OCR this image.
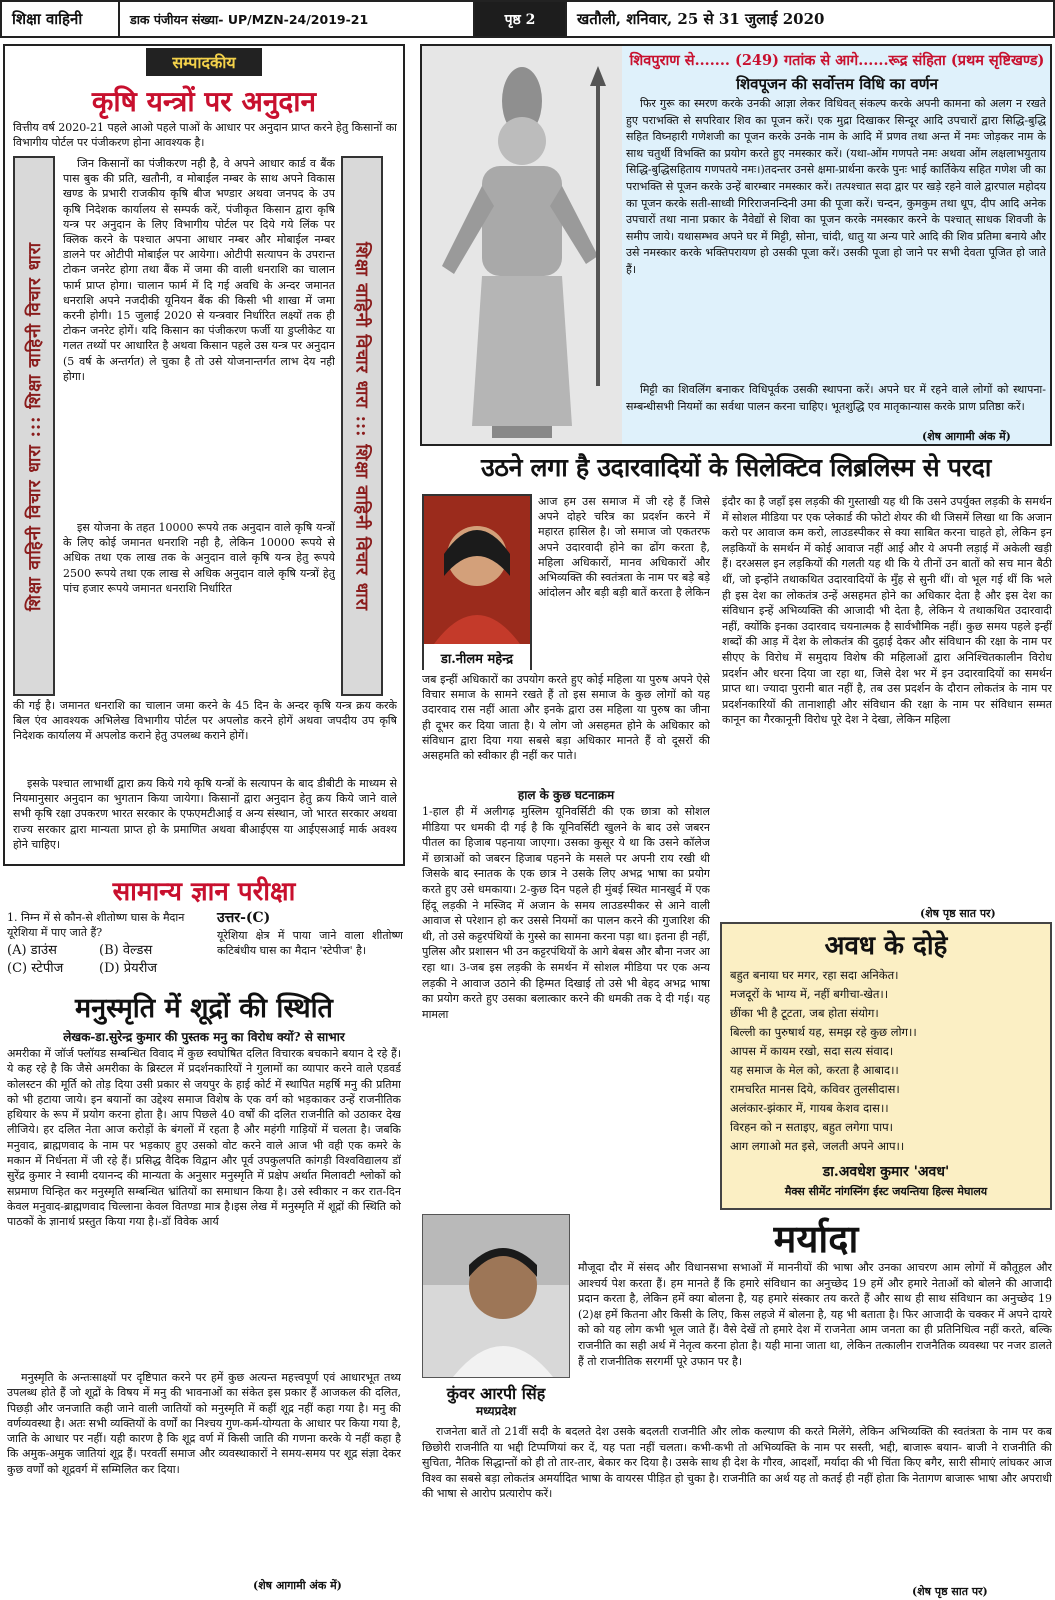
शिक्षा वाहिनी	डाक पंजीयन संख्या- UP/MZN-24/2019-21	पृष्ठ 2	खतौली, शनिवार, 25 से 31 जुलाई 2020
सम्पादकीय
कृषि यन्त्रों पर अनुदान
वित्तीय वर्ष 2020-21 पहले आओ पहले पाओं के आधार पर अनुदान प्राप्त करने हेतु किसानों का विभागीय पोर्टल पर पंजीकरण होना आवश्यक है।
शिक्षा वाहिनी विचार धारा ::: शिक्षा वाहिनी विचार धारा	शिक्षा वाहिनी विचार धारा ::: शिक्षा वाहिनी विचार धारा

जिन किसानों का पंजीकरण नही है, वे अपने आधार कार्ड व बैंक पास बुक की प्रति, खतौनी, व मोबाईल नम्बर के साथ अपने विकास खण्ड के प्रभारी राजकीय कृषि बीज भण्डार अथवा जनपद के उप कृषि निदेशक कार्यालय से सम्पर्क करें, पंजीकृत किसान द्वारा कृषि यन्त्र पर अनुदान के लिए विभागीय पोर्टल पर दिये गये लिंक पर क्लिक करने के पश्चात अपना आधार नम्बर और मोबाईल नम्बर डालने पर ओटीपी मोबाईल पर आयेगा। ओटीपी सत्यापन के उपरान्त टोकन जनरेट होगा तथा बैंक में जमा की वाली धनराशि का चालान फार्म प्राप्त होगा। चालान फार्म में दि गई अवधि के अन्दर जमानत धनराशि अपने नजदीकी यूनियन बैंक की किसी भी शाखा में जमा करनी होगी। 15 जुलाई 2020 से यन्त्रवार निर्धारित लक्ष्यों तक ही टोकन जनरेट होगें। यदि किसान का पंजीकरण फर्जी या डुप्लीकेट या गलत तथ्यों पर आधारित है अथवा किसान पहले उस यन्त्र पर अनुदान (5 वर्ष के अन्तर्गत) ले चुका है तो उसे योजनान्तर्गत लाभ देय नही होगा।

इस योजना के तहत 10000 रूपये तक अनुदान वाले कृषि यन्त्रों के लिए कोई जमानत धनराशि नही है, लेकिन 10000 रूपये से अधिक तथा एक लाख तक के अनुदान वाले कृषि यन्त्र हेतु रूपये 2500 रूपये तथा एक लाख से अधिक अनुदान वाले कृषि यन्त्रों हेतु पांच हजार रूपये जमानत धनराशि निर्धारित

की गई है। जमानत धनराशि का चालान जमा करने के 45 दिन के अन्दर कृषि यन्त्र क्रय करके बिल एंव आवश्यक अभिलेख विभागीय पोर्टल पर अपलोड करने होगें अथवा जपदीय उप कृषि निदेशक कार्यालय में अपलोड कराने हेतु उपलब्ध कराने होगें।

इसके पश्चात लाभार्थी द्वारा क्रय किये गये कृषि यन्त्रों के सत्यापन के बाद डीबीटी के माध्यम से नियमानुसार अनुदान का भुगतान किया जायेगा। किसानों द्वारा अनुदान हेतु क्रय किये जाने वाले सभी कृषि रक्षा उपकरण भारत सरकार के एफएमटीआई व अन्य संस्थान, जो भारत सरकार अथवा राज्य सरकार द्वारा मान्यता प्राप्त हो के प्रमाणित अथवा बीआईएस या आईएसआई मार्क अवश्य होने चाहिए।

सामान्य ज्ञान परीक्षा
1. निम्न में से कौन-से शीतोष्ण घास के मैदान यूरेशिया में पाए जाते हैं?
(A) डाउंस	(B) वेल्डस
(C) स्टेपीज	(D) प्रेयरीज
उत्तर-(C)
यूरेशिया क्षेत्र में पाया जाने वाला शीतोष्ण कटिबंधीय घास का मैदान 'स्टेपीज' है।
मनुस्मृति में शूद्रों की स्थिति
लेखक-डा.सुरेन्द्र कुमार की पुस्तक मनु का विरोध क्यों? से साभार
अमरीका में जॉर्ज फ्लॉयड सम्बन्धित विवाद में कुछ स्वघोषित दलित विचारक बचकाने बयान दे रहे हैं। ये कह रहे है कि जैसे अमरीका के ब्रिस्टल में प्रदर्शनकारियों ने गुलामों का व्यापार करने वाले एडवर्ड कोलस्टन की मूर्ति को तोड़ दिया उसी प्रकार से जयपुर के हाई कोर्ट में स्थापित महर्षि मनु की प्रतिमा को भी हटाया जाये। इन बयानों का उद्देश्य समाज विशेष के एक वर्ग को भड़काकर उन्हें राजनीतिक हथियार के रूप में प्रयोग करना होता है। आप पिछले 40 वर्षों की दलित राजनीति को उठाकर देख लीजिये। हर दलित नेता आज करोड़ों के बंगलों में रहता है और महंगी गाड़ियों में चलता है। जबकि मनुवाद, ब्राह्मणवाद के नाम पर भड़काए हुए उसको वोट करने वाले आज भी वही एक कमरे के मकान में निर्धनता में जी रहे हैं। प्रसिद्ध वैदिक विद्वान और पूर्व उपकुलपति कांगड़ी विश्वविद्यालय डॉ सुरेंद्र कुमार ने स्वामी दयानन्द की मान्यता के अनुसार मनुस्मृति में प्रक्षेप अर्थात मिलावटी श्लोकों को सप्रमाण चिन्हित कर मनुस्मृति सम्बन्धित भ्रांतियों का समाधान किया है। उसे स्वीकार न कर रात-दिन केवल मनुवाद-ब्राह्मणवाद चिल्लाना केवल वितण्डा मात्र है।इस लेख में मनुस्मृति में शूद्रों की स्थिति को पाठकों के ज्ञानार्थ प्रस्तुत किया गया है।-डॉ विवेक आर्य

मनुस्मृति के अन्तःसाक्ष्यों पर दृष्टिपात करने पर हमें कुछ अत्यन्त महत्त्वपूर्ण एवं आधारभूत तथ्य उपलब्ध होते हैं जो शूद्रों के विषय में मनु की भावनाओं का संकेत इस प्रकार हैं आजकल की दलित, पिछड़ी और जनजाति कही जाने वाली जातियों को मनुस्मृति में कहीं शूद्र नहीं कहा गया है। मनु की वर्णव्यवस्था है। अतः सभी व्यक्तियों के वर्णों का निश्चय गुण-कर्म-योग्यता के आधार पर किया गया है, जाति के आधार पर नहीं। यही कारण है कि शूद्र वर्ण में किसी जाति की गणना करके ये नहीं कहा है कि अमुक-अमुक जातियां शूद्र हैं। परवर्ती समाज और व्यवस्थाकारों ने समय-समय पर शूद्र संज्ञा देकर कुछ वर्णों को शूद्रवर्ग में सम्मिलित कर दिया।

(शेष आगामी अंक में)
शिवपुराण से....... (249) गतांक से आगे......रूद्र संहिता (प्रथम सृष्टिखण्ड)
शिवपूजन की सर्वोत्तम विधि का वर्णन

फिर गुरू का स्मरण करके उनकी आज्ञा लेकर विधिवत् संकल्प करके अपनी कामना को अलग न रखते हुए पराभक्ति से सपरिवार शिव का पूजन करें। एक मुद्रा दिखाकर सिन्दूर आदि उपचारों द्वारा सिद्धि-बुद्धि सहित विघ्नहारी गणेशजी का पूजन करके उनके नाम के आदि में प्रणव तथा अन्त में नमः जोड़कर नाम के साथ चतुर्थी विभक्ति का प्रयोग करते हुए नमस्कार करें। (यथा-ओंम गणपते नमः अथवा ओंम लक्षलाभयुताय सिद्धि-बुद्धिसहिताय गणपतये नमः।)तदन्तर उनसे क्षमा-प्रार्थना करके पुनः भाई कार्तिकेय सहित गणेश जी का पराभक्ति से पूजन करके उन्हें बारम्बार नमस्कार करें। तत्पश्चात सदा द्वार पर खड़े रहने वाले द्वारपाल महोदय का पूजन करके सती-साध्वी गिरिराजनन्दिनी उमा की पूजा करें। चन्दन, कुमकुम तथा धूप, दीप आदि अनेक उपचारों तथा नाना प्रकार के नैवेद्यों से शिवा का पूजन करके नमस्कार करने के पश्चात् साधक शिवजी के समीप जाये। यथासम्भव अपने घर में मिट्टी, सोना, चांदी, धातु या अन्य पारे आदि की शिव प्रतिमा बनाये और उसे नमस्कार करके भक्तिपरायण हो उसकी पूजा करें। उसकी पूजा हो जाने पर सभी देवता पूजित हो जाते हैं।

मिट्टी का शिवलिंग बनाकर विधिपूर्वक उसकी स्थापना करें। अपने घर में रहने वाले लोगों को स्थापना-सम्बन्धीसभी नियमों का सर्वथा पालन करना चाहिए। भूतशुद्धि एव मातृकान्यास करके प्राण प्रतिष्ठा करें।

(शेष आगामी अंक में)
उठने लगा है उदारवादियों के सिलेक्टिव लिब्रलिस्म से परदा
डा.नीलम महेन्द्र
आज हम उस समाज में जी रहे हैं जिसे अपने दोहरे चरित्र का प्रदर्शन करने में महारत हासिल है। जो समाज जो एकतरफ अपने उदारवादी होने का ढोंग करता है, महिला अधिकारों, मानव अधिकारों और अभिव्यक्ति की स्वतंत्रता के नाम पर बड़े बड़े आंदोलन और बड़ी बड़ी बातें करता है लेकिन
जब इन्हीं अधिकारों का उपयोग करते हुए कोई महिला या पुरुष अपने ऐसे विचार समाज के सामने रखते हैं तो इस समाज के कुछ लोगों को यह उदारवाद रास नहीं आता और इनके द्वारा उस महिला या पुरुष का जीना ही दूभर कर दिया जाता है। ये लोग जो असहमत होने के अधिकार को संविधान द्वारा दिया गया सबसे बड़ा अधिकार मानते हैं वो दूसरों की असहमति को स्वीकार ही नहीं कर पाते।
हाल के कुछ घटनाक्रम
1-हाल ही में अलीगढ़ मुस्लिम यूनिवर्सिटी की एक छात्रा को सोशल मीडिया पर धमकी दी गई है कि यूनिवर्सिटी खुलने के बाद उसे जबरन पीतल का हिजाब पहनाया जाएगा। उसका कुसूर ये था कि उसने कॉलेज में छात्राओं को जबरन हिजाब पहनने के मसले पर अपनी राय रखी थी जिसके बाद स्नातक के एक छात्र ने उसके लिए अभद्र भाषा का प्रयोग करते हुए उसे धमकाया। 2-कुछ दिन पहले ही मुंबई स्थित मानखुर्द में एक हिंदू लड़की ने मस्जिद में अजान के समय लाउडस्पीकर से आने वाली आवाज से परेशान हो कर उससे नियमों का पालन करने की गुजारिश की थी, तो उसे कट्टरपंथियों के गुस्से का सामना करना पड़ा था। इतना ही नहीं, पुलिस और प्रशासन भी उन कट्टरपंथियों के आगे बेबस और बौना नजर आ रहा था। 3-जब इस लड़की के समर्थन में सोशल मीडिया पर एक अन्य लड़की ने आवाज उठाने की हिम्मत दिखाई तो उसे भी बेहद अभद्र भाषा का प्रयोग करते हुए उसका बलात्कार करने की धमकी तक दे दी गई। यह मामला
इंदौर का है जहाँ इस लड़की की गुस्ताखी यह थी कि उसने उपर्युक्त लड़की के समर्थन में सोशल मीडिया पर एक प्लेकार्ड की फोटो शेयर की थी जिसमें लिखा था कि अजान करो पर आवाज कम करो, लाउडस्पीकर से क्या साबित करना चाहते हो, लेकिन इन लड़कियों के समर्थन में कोई आवाज नहीं आई और ये अपनी लड़ाई में अकेली खड़ी हैं। दरअसल इन लड़कियों की गलती यह थी कि ये तीनों उन बातों को सच मान बैठी थीं, जो इन्होंने तथाकथित उदारवादियों के मुँह से सुनी थीं। वो भूल गई थीं कि भले ही इस देश का लोकतंत्र उन्हें असहमत होने का अधिकार देता है और इस देश का संविधान इन्हें अभिव्यक्ति की आजादी भी देता है, लेकिन ये तथाकथित उदारवादी नहीं, क्योंकि इनका उदारवाद चयनात्मक है सार्वभौमिक नहीं। कुछ समय पहले इन्हीं शब्दों की आड़ में देश के लोकतंत्र की दुहाई देकर और संविधान की रक्षा के नाम पर सीएए के विरोध में समुदाय विशेष की महिलाओं द्वारा अनिश्चितकालीन विरोध प्रदर्शन और धरना दिया जा रहा था, जिसे देश भर में इन उदारवादियों का समर्थन प्राप्त था। ज्यादा पुरानी बात नहीं है, तब उस प्रदर्शन के दौरान लोकतंत्र के नाम पर प्रदर्शनकारियों की तानाशाही और संविधान की रक्षा के नाम पर संविधान सम्मत कानून का गैरकानूनी विरोध पूरे देश ने देखा, लेकिन महिला
(शेष पृष्ठ सात पर)
अवध के दोहे
बहुत बनाया घर मगर, रहा सदा अनिकेत।
मजदूरों के भाग्य में, नहीं बगीचा-खेत।।
छींका भी है टूटता, जब होता संयोग।
बिल्ली का पुरुषार्थ यह, समझ रहे कुछ लोग।।
आपस में कायम रखो, सदा सत्य संवाद।
यह समाज के मेल को, करता है आबाद।।
रामचरित मानस दिये, कविवर तुलसीदास।
अलंकार-झंकार में, गायब केशव दास।।
विरहन को न सताइए, बहुत लगेगा पाप।
आग लगाओ मत इसे, जलती अपने आप।।
डा.अवधेश कुमार 'अवध'
मैक्स सीमेंट नांगस्निंग ईस्ट जयन्तिया हिल्स मेघालय
कुंवर आरपी सिंह
मध्यप्रदेश
मर्यादा
मौजूदा दौर में संसद और विधानसभा सभाओं में माननीयों की भाषा और उनका आचरण आम लोगों में कौतूहल और आश्चर्य पेश करता हैं। हम मानते हैं कि हमारे संविधान का अनुच्छेद 19 हमें और हमारे नेताओं को बोलने की आजादी प्रदान करता है, लेकिन हमें क्या बोलना है, यह हमारे संस्कार तय करते हैं और साथ ही साथ संविधान का अनुच्छेद 19 (2)क्ष हमें कितना और किसी के लिए, किस लहजे में बोलना है, यह भी बताता है। फिर आजादी के चक्कर में अपने दायरे को को यह लोग कभी भूल जाते हैं। वैसे देखें तो हमारे देश में राजनेता आम जनता का ही प्रतिनिधित्व नहीं करते, बल्कि राजनीति का सही अर्थ में नेतृत्व करना होता है। यही माना जाता था, लेकिन तत्कालीन राजनैतिक व्यवस्था पर नजर डालते हैं तो राजनीतिक सरगर्मी पूरे उफान पर है।

राजनेता बातें तो 21वीं सदी के बदलते देश उसके बदलती राजनीति और लोक कल्याण की करते मिलेंगे, लेकिन अभिव्यक्ति की स्वतंत्रता के नाम पर कब छिछोरी राजनीति या भद्दी टिप्पणियां कर दें, यह पता नहीं चलता। कभी-कभी तो अभिव्यक्ति के नाम पर सस्ती, भद्दी, बाजारू बयान- बाजी ने राजनीति की सुचिता, नैतिक सिद्धान्तों को ही तो तार-तार, बेकार कर दिया है। उसके साथ ही देश के गौरव, आदर्शों, मर्यादा की भी चिंता किए बगैर, सारी सीमाएं लांघकर आज विश्व का सबसे बड़ा लोकतंत्र अमर्यादित भाषा के वायरस पीड़ित हो चुका है। राजनीति का अर्थ यह तो कतई ही नहीं होता कि नेतागण बाजारू भाषा और अपराधी की भाषा से आरोप प्रत्यारोप करें।

(शेष पृष्ठ सात पर)
